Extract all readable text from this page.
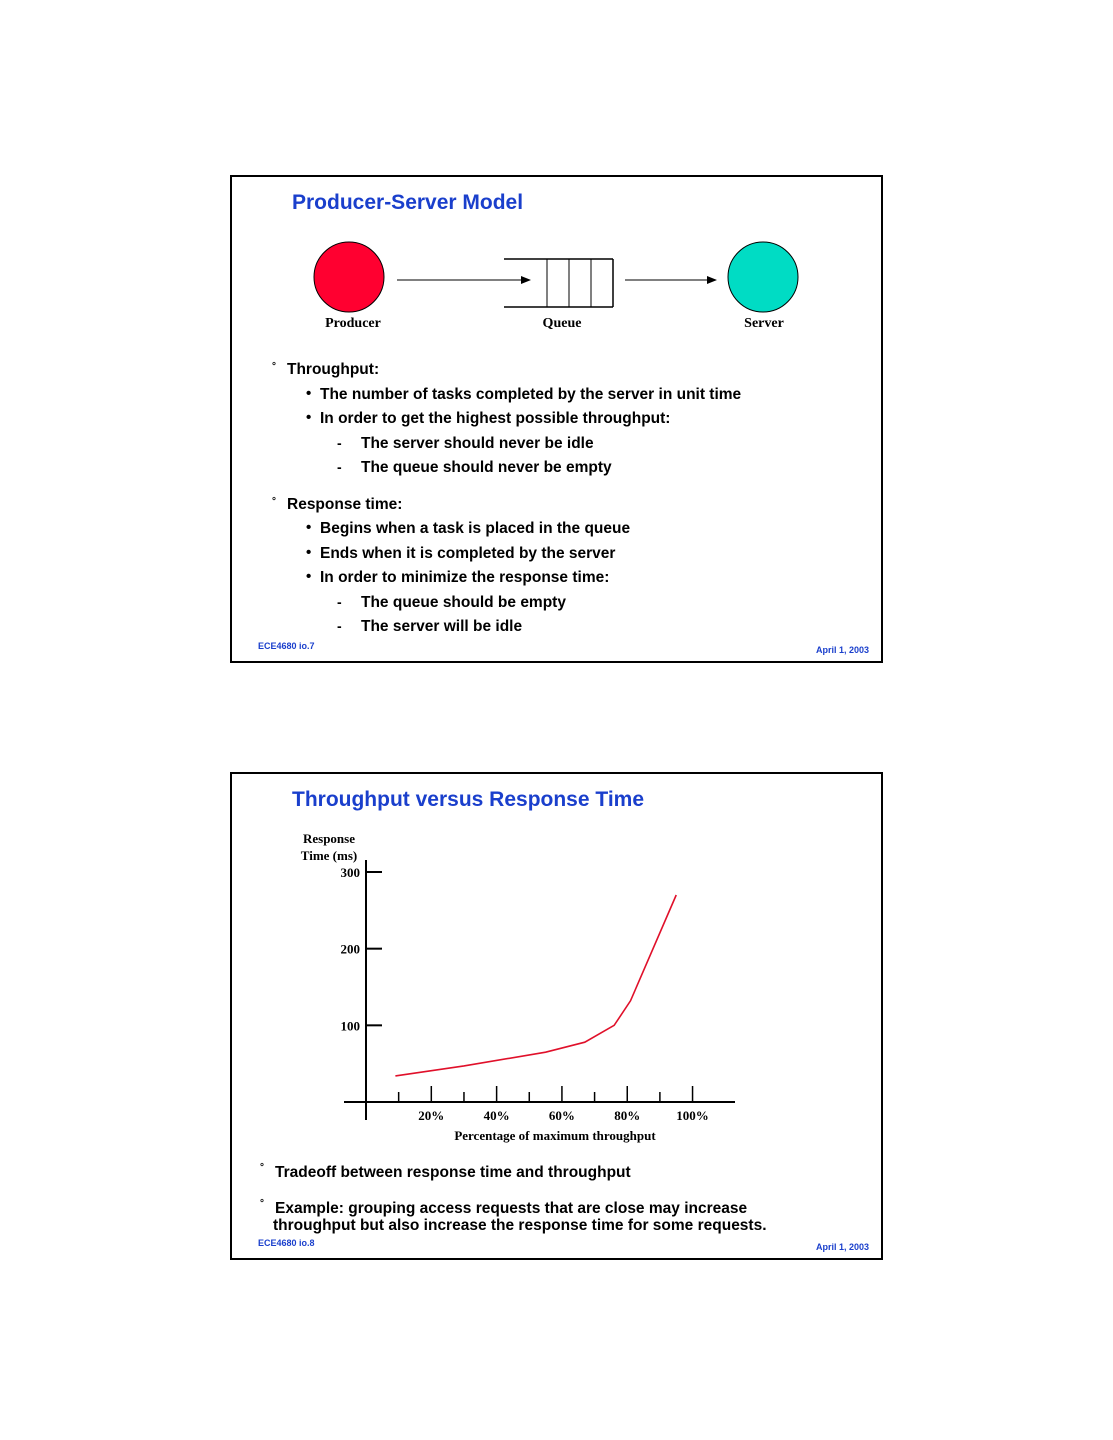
Producer-Server Model
Producer	Queue	Server
° Throughput:
• The number of tasks completed by the server in unit time
• In order to get the highest possible throughput:
- The server should never be idle
- The queue should never be empty
° Response time:
• Begins when a task is placed in the queue
• Ends when it is completed by the server
• In order to minimize the response time:
- The queue should be empty
- The server will be idle
ECE4680 io.7	April 1, 2003
Throughput versus Response Time
Response
Time (ms)
100
200
300
20%	40%	60%	80%	100%
Percentage of maximum throughput
° Tradeoff between response time and throughput
° Example: grouping access requests that are close may increase
throughput but also increase the response time for some requests.
ECE4680 io.8	April 1, 2003
